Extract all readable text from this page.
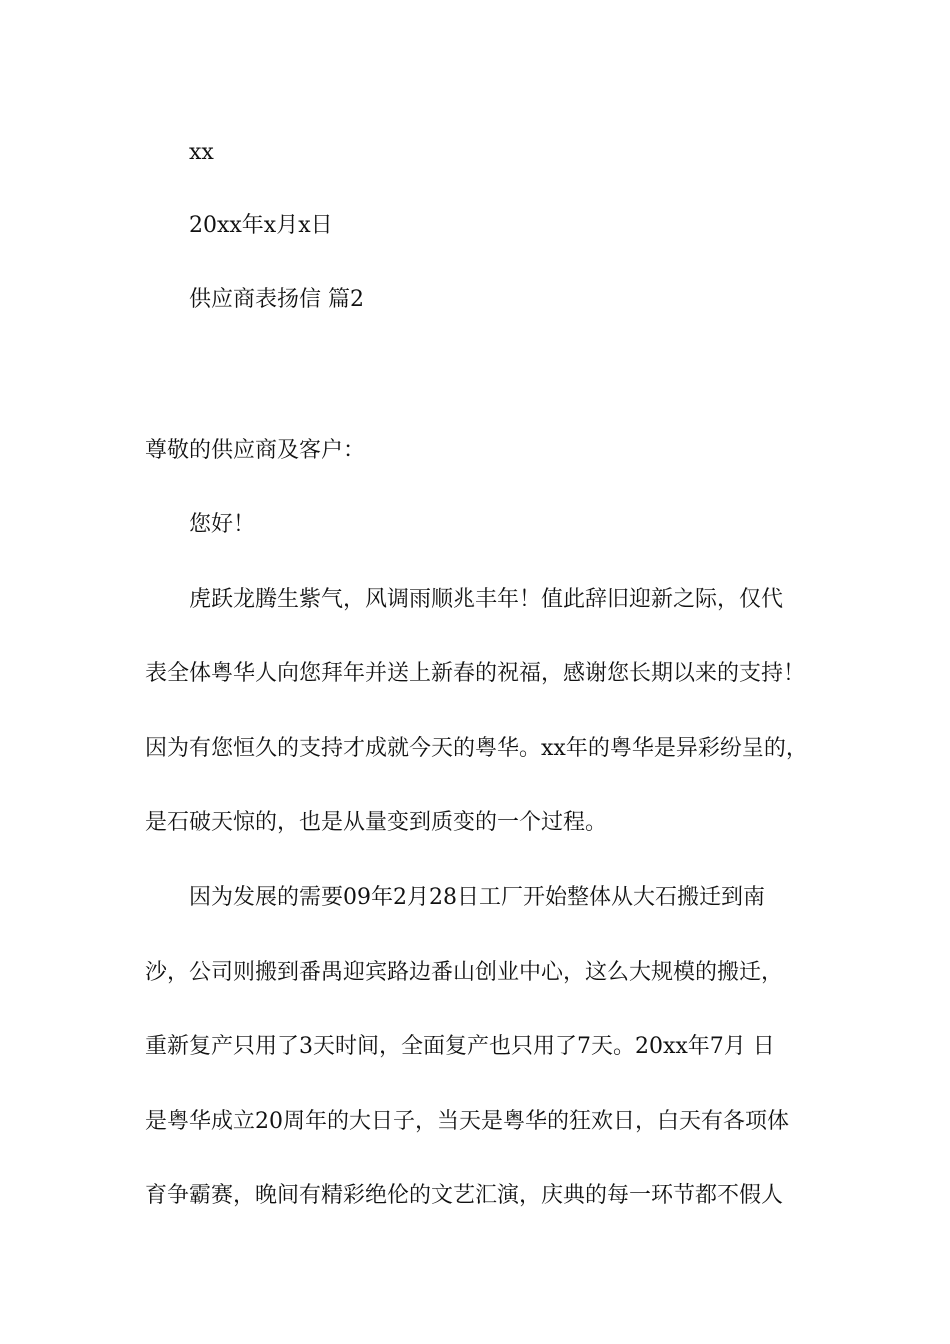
xx
20xx年x月x日
供应商表扬信 篇2
尊敬的供应商及客户：
您好！
虎跃龙腾生紫气，风调雨顺兆丰年！值此辞旧迎新之际，仅代
表全体粤华人向您拜年并送上新春的祝福，感谢您长期以来的支持！
因为有您恒久的支持才成就今天的粤华。xx年的粤华是异彩纷呈的，
是石破天惊的，也是从量变到质变的一个过程。
因为发展的需要09年2月28日工厂开始整体从大石搬迁到南
沙，公司则搬到番禺迎宾路边番山创业中心，这么大规模的搬迁，
重新复产只用了3天时间，全面复产也只用了7天。20xx年7月 日
是粤华成立20周年的大日子，当天是粤华的狂欢日，白天有各项体
育争霸赛，晚间有精彩绝伦的文艺汇演，庆典的每一环节都不假人
